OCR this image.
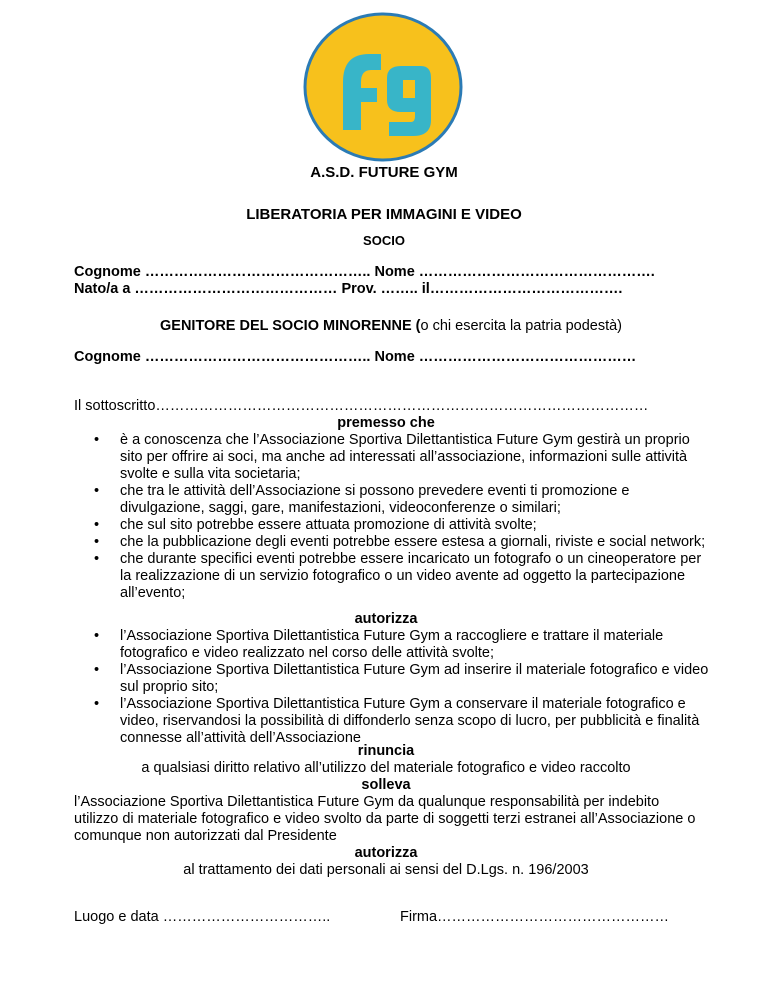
A.S.D. FUTURE GYM
LIBERATORIA PER IMMAGINI E VIDEO
SOCIO
Cognome ……………………………………….. Nome ………………………………………….
Nato/a a …………………………………… Prov. …….. il………………………………….
GENITORE DEL SOCIO MINORENNE (o chi esercita la patria podestà)
Cognome ……………………………………….. Nome ………………………………………
Il sottoscritto…………………………………………………………………………………………
premesso che
• è a conoscenza che l’Associazione Sportiva Dilettantistica Future Gym gestirà un proprio sito per offrire ai soci, ma anche ad interessati all’associazione, informazioni sulle attività svolte e sulla vita societaria;
• che tra le attività dell’Associazione si possono prevedere eventi ti promozione e divulgazione, saggi, gare, manifestazioni, videoconferenze o similari;
• che sul sito potrebbe essere attuata promozione di attività svolte;
• che la pubblicazione degli eventi potrebbe essere estesa a giornali, riviste e social network;
• che durante specifici eventi potrebbe essere incaricato un fotografo o un cineoperatore per la realizzazione di un servizio fotografico o un video avente ad oggetto la partecipazione all’evento;
autorizza
• l’Associazione Sportiva Dilettantistica Future Gym a raccogliere e trattare il materiale fotografico e video realizzato nel corso delle attività svolte;
• l’Associazione Sportiva Dilettantistica Future Gym ad inserire il materiale fotografico e video sul proprio sito;
• l’Associazione Sportiva Dilettantistica Future Gym a conservare il materiale fotografico e video, riservandosi la possibilità di diffonderlo senza scopo di lucro, per pubblicità e finalità connesse all’attività dell’Associazione
rinuncia
a qualsiasi diritto relativo all’utilizzo del materiale fotografico e video raccolto
solleva
l’Associazione Sportiva Dilettantistica Future Gym da qualunque responsabilità per indebito utilizzo di materiale fotografico e video svolto da parte di soggetti terzi estranei all’Associazione o comunque non autorizzati dal Presidente
autorizza
al trattamento dei dati personali ai sensi del D.Lgs. n. 196/2003
Luogo e data ……………………………..	Firma…………………………………………
